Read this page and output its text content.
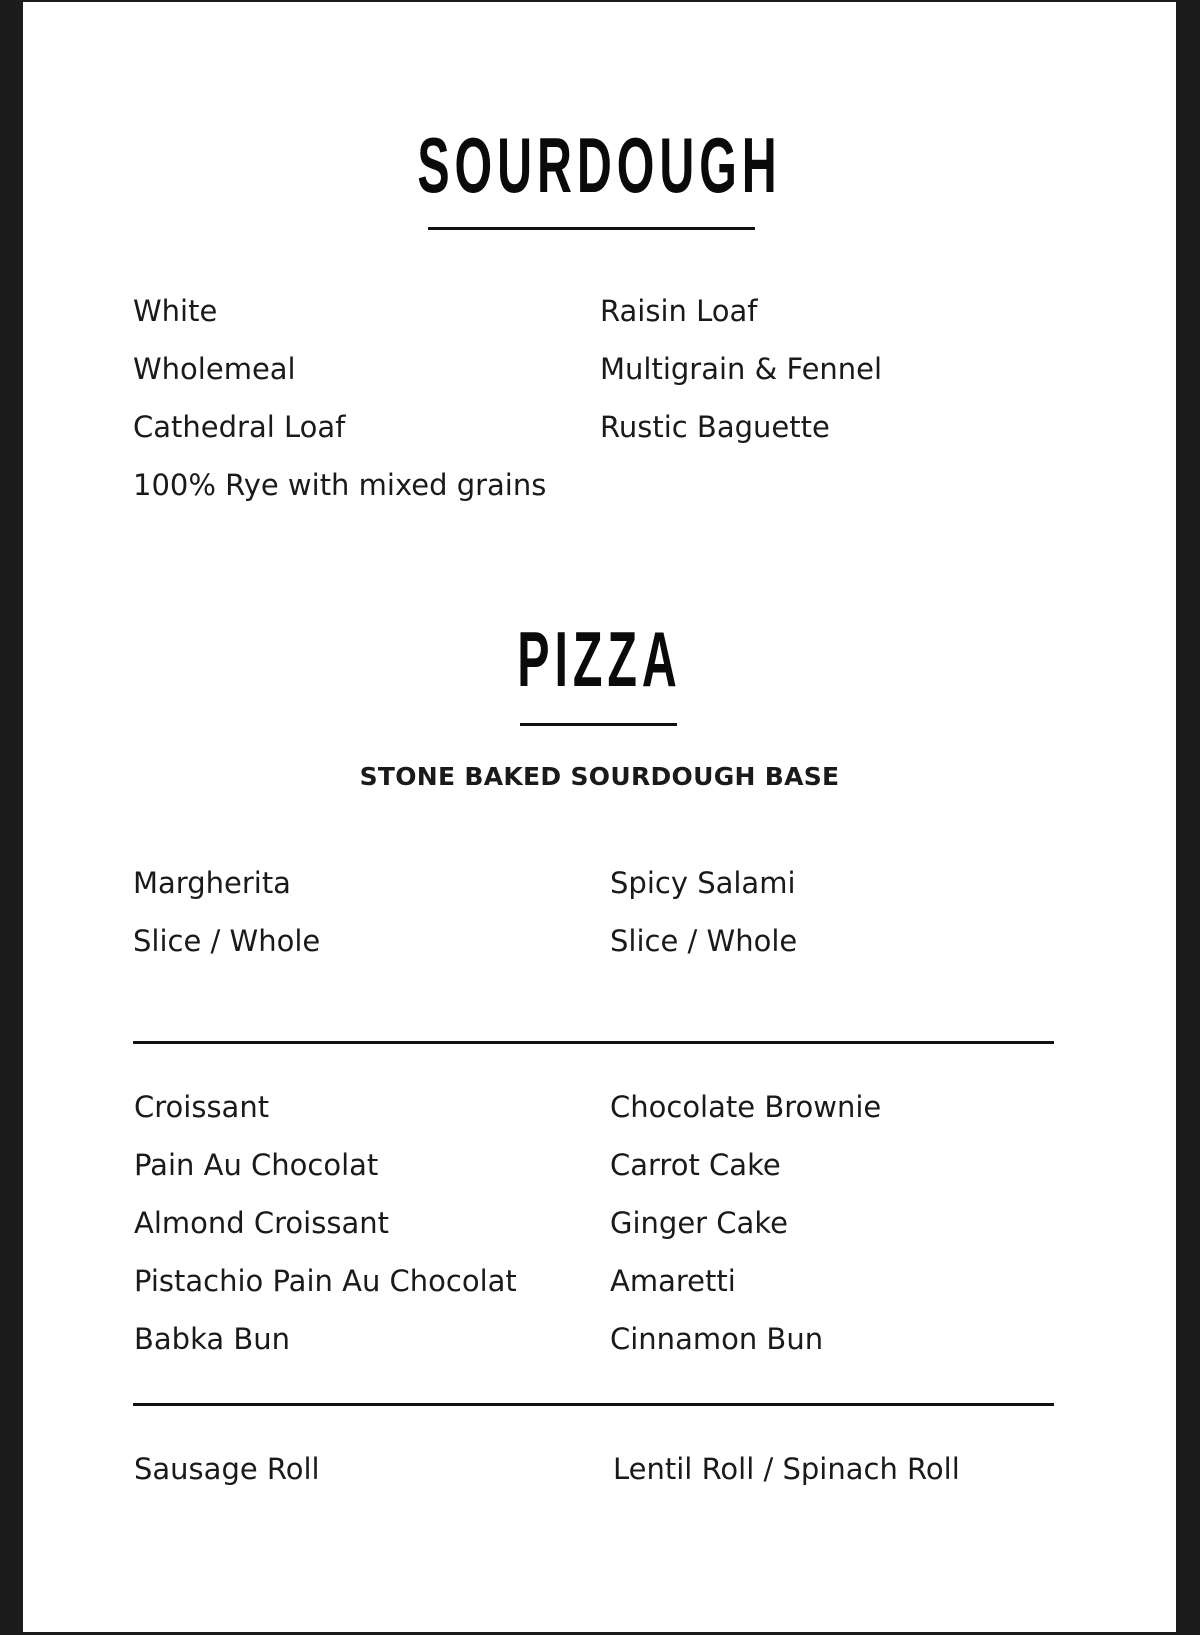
SOURDOUGH
White
Wholemeal
Cathedral Loaf
100% Rye with mixed grains
Raisin Loaf
Multigrain & Fennel
Rustic Baguette
PIZZA
STONE BAKED SOURDOUGH BASE
Margherita
Slice / Whole
Spicy Salami
Slice / Whole
Croissant
Pain Au Chocolat
Almond Croissant
Pistachio Pain Au Chocolat
Babka Bun
Chocolate Brownie
Carrot Cake
Ginger Cake
Amaretti
Cinnamon Bun
Sausage Roll	Lentil Roll / Spinach Roll
